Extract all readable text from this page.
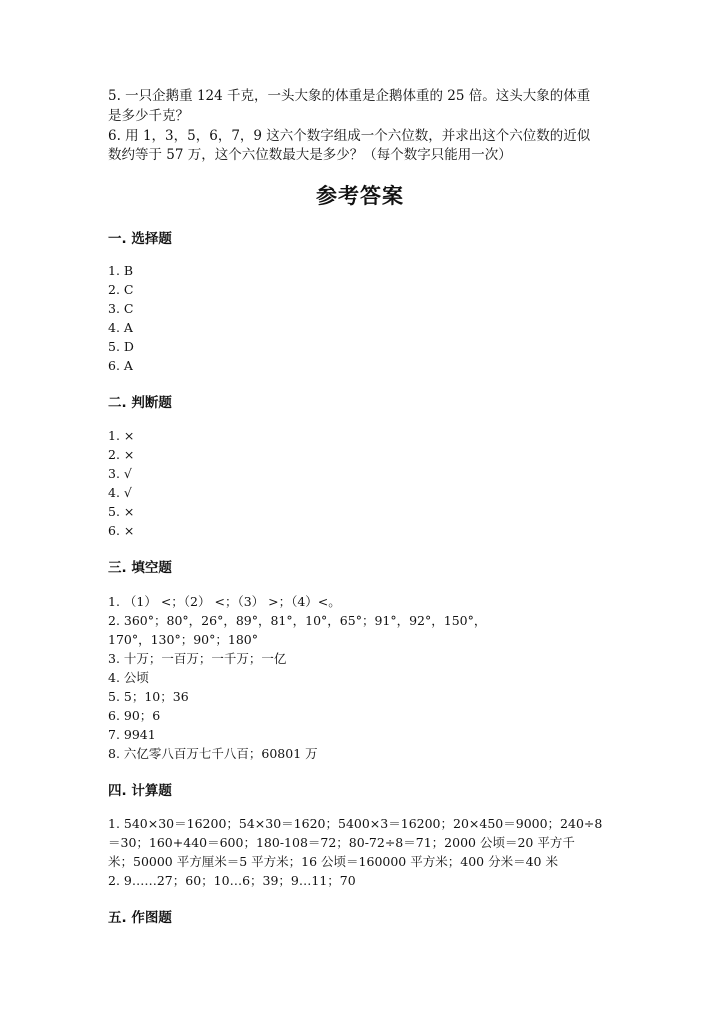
5. 一只企鹅重 124 千克，一头大象的体重是企鹅体重的 25 倍。这头大象的体重
是多少千克？
6. 用 1，3，5，6，7，9 这六个数字组成一个六位数，并求出这个六位数的近似
数约等于 57 万，这个六位数最大是多少？（每个数字只能用一次）
参考答案
一. 选择题
1. B
2. C
3. C
4. A
5. D
6. A
二. 判断题
1. ×
2. ×
3. √
4. √
5. ×
6. ×
三. 填空题
1. （1） <；（2） <；（3） >；（4）<。
2. 360°；80°，26°，89°，81°，10°，65°；91°，92°，150°，
170°，130°；90°；180°
3. 十万；一百万；一千万；一亿
4. 公顷
5. 5；10；36
6. 90；6
7. 9941
8. 六亿零八百万七千八百；60801 万
四. 计算题
1. 540×30＝16200；54×30＝1620；5400×3＝16200；20×450＝9000；240÷8
＝30；160+440＝600；180-108＝72；80-72÷8＝71；2000 公顷＝20 平方千
米；50000 平方厘米＝5 平方米；16 公顷＝160000 平方米；400 分米＝40 米
2. 9……27；60；10…6；39；9…11；70
五. 作图题
